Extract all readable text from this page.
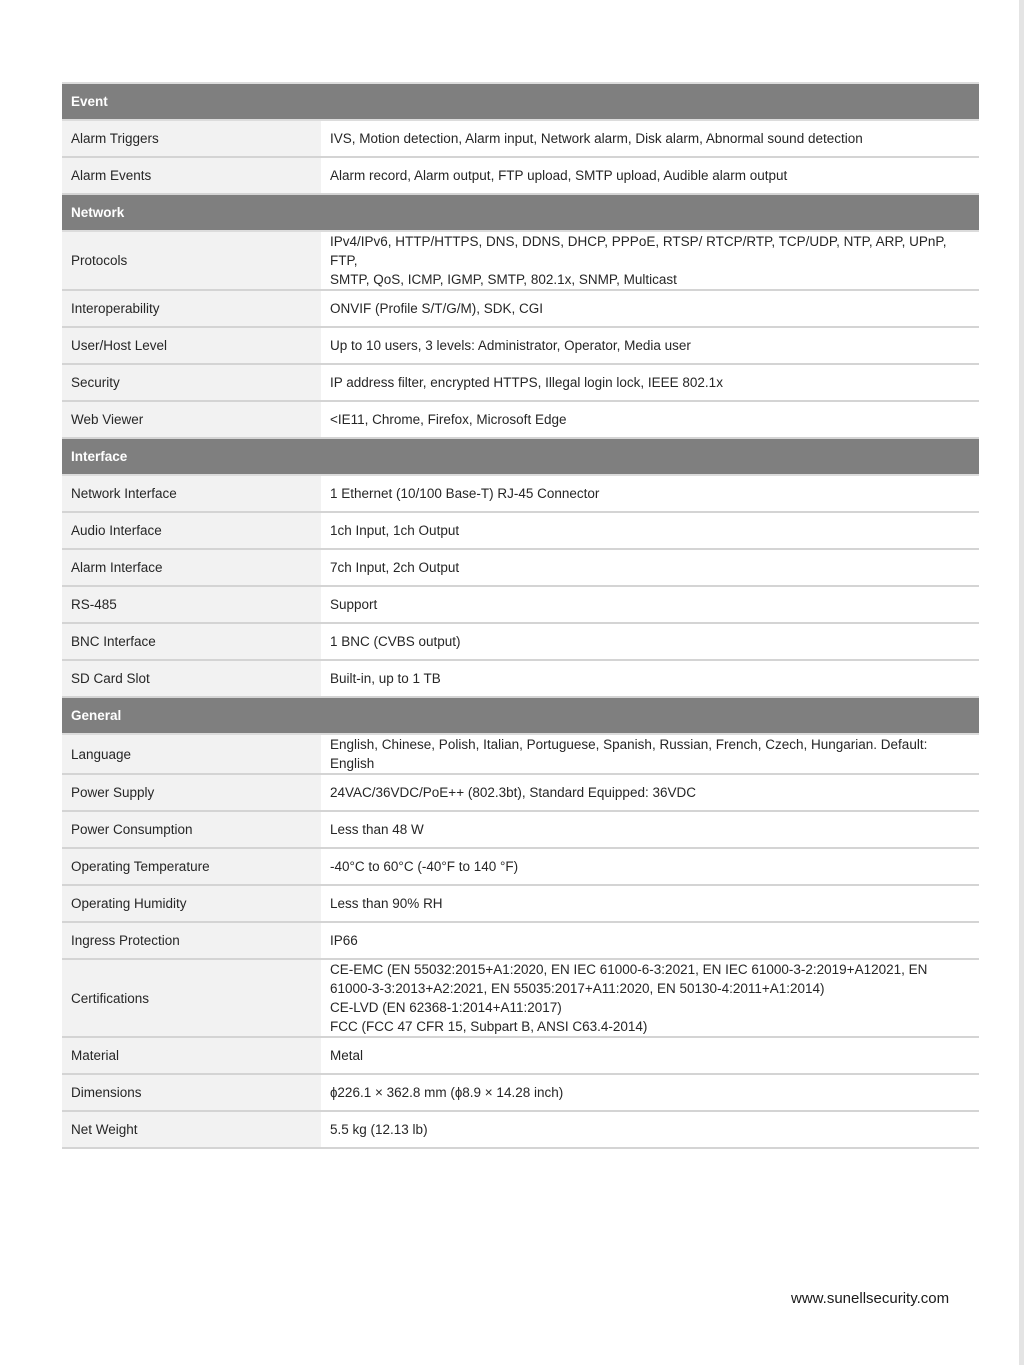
Event	
Alarm Triggers	IVS, Motion detection, Alarm input, Network alarm, Disk alarm, Abnormal sound detection

Alarm Events	Alarm record, Alarm output, FTP upload, SMTP upload, Audible alarm output

Network	
Protocols	IPv4/IPv6, HTTP/HTTPS, DNS, DDNS, DHCP, PPPoE, RTSP/ RTCP/RTP, TCP/UDP, NTP, ARP, UPnP, FTP,
SMTP, QoS, ICMP, IGMP, SMTP, 802.1x, SNMP, Multicast

Interoperability	ONVIF (Profile S/T/G/M), SDK, CGI

User/Host Level	Up to 10 users, 3 levels: Administrator, Operator, Media user

Security	IP address filter, encrypted HTTPS, Illegal login lock, IEEE 802.1x

Web Viewer	<IE11, Chrome, Firefox, Microsoft Edge

Interface	
Network Interface	1 Ethernet (10/100 Base-T) RJ-45 Connector

Audio Interface	1ch Input, 1ch Output

Alarm Interface	7ch Input, 2ch Output

RS-485	Support

BNC Interface	1 BNC (CVBS output)

SD Card Slot	Built-in, up to 1 TB

General	
Language	English, Chinese, Polish, Italian, Portuguese, Spanish, Russian, French, Czech, Hungarian. Default:
English

Power Supply	24VAC/36VDC/PoE++ (802.3bt), Standard Equipped: 36VDC

Power Consumption	Less than 48 W

Operating Temperature	-40°C to 60°C (-40°F to 140 °F)

Operating Humidity	Less than 90% RH

Ingress Protection	IP66

Certifications	CE-EMC (EN 55032:2015+A1:2020, EN IEC 61000-6-3:2021, EN IEC 61000-3-2:2019+A12021, EN
61000-3-3:2013+A2:2021, EN 55035:2017+A11:2020, EN 50130-4:2011+A1:2014)
CE-LVD (EN 62368-1:2014+A11:2017)
FCC (FCC 47 CFR 15, Subpart B, ANSI C63.4-2014)

Material	Metal

Dimensions	ɸ226.1 × 362.8 mm (ɸ8.9 × 14.28 inch)

Net Weight	5.5 kg (12.13 lb)
www.sunellsecurity.com
